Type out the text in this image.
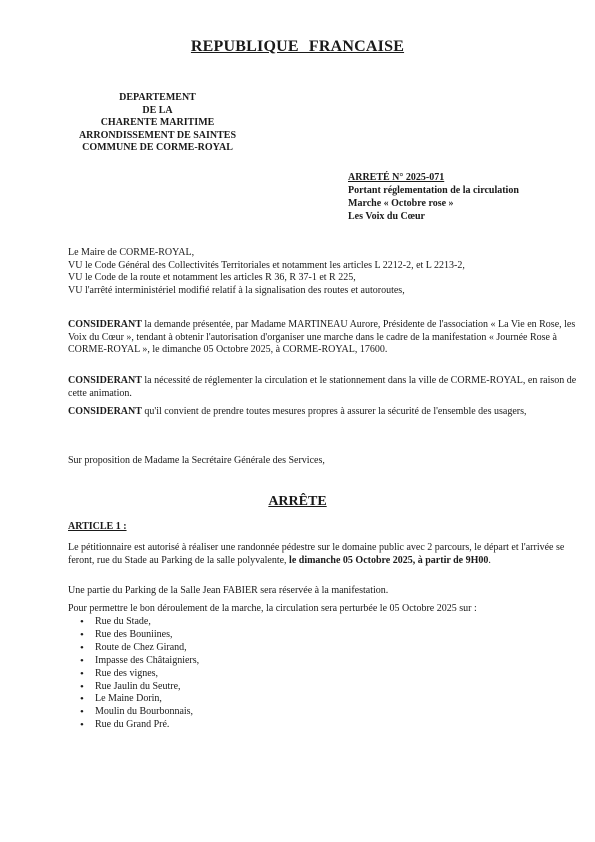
REPUBLIQUE FRANCAISE
DEPARTEMENT
DE LA
CHARENTE MARITIME
ARRONDISSEMENT DE SAINTES
COMMUNE DE CORME-ROYAL
ARRETÉ N° 2025-071
Portant réglementation de la circulation
Marche « Octobre rose »
Les Voix du Cœur
Le Maire de CORME-ROYAL,
VU le Code Général des Collectivités Territoriales et notamment les articles L 2212-2, et L 2213-2,
VU le Code de la route et notamment les articles R 36, R 37-1 et R 225,
VU l'arrêté interministériel modifié relatif à la signalisation des routes et autoroutes,
CONSIDERANT la demande présentée, par Madame MARTINEAU Aurore, Présidente de l'association « La Vie en Rose, les Voix du Cœur », tendant à obtenir l'autorisation d'organiser une marche dans le cadre de la manifestation « Journée Rose à CORME-ROYAL », le dimanche 05 Octobre 2025, à CORME-ROYAL, 17600.
CONSIDERANT la nécessité de réglementer la circulation et le stationnement dans la ville de CORME-ROYAL, en raison de cette animation.
CONSIDERANT qu'il convient de prendre toutes mesures propres à assurer la sécurité de l'ensemble des usagers,
Sur proposition de Madame la Secrétaire Générale des Services,
ARRÊTE
ARTICLE 1 :
Le pétitionnaire est autorisé à réaliser une randonnée pédestre sur le domaine public avec 2 parcours, le départ et l'arrivée se feront, rue du Stade au Parking de la salle polyvalente, le dimanche 05 Octobre 2025, à partir de 9H00.
Une partie du Parking de la Salle Jean FABIER sera réservée à la manifestation.
Pour permettre le bon déroulement de la marche, la circulation sera perturbée le 05 Octobre 2025 sur :
• Rue du Stade,
• Rue des Bouniines,
• Route de Chez Girand,
• Impasse des Châtaigniers,
• Rue des vignes,
• Rue Jaulin du Seutre,
• Le Maine Dorin,
• Moulin du Bourbonnais,
• Rue du Grand Pré.
